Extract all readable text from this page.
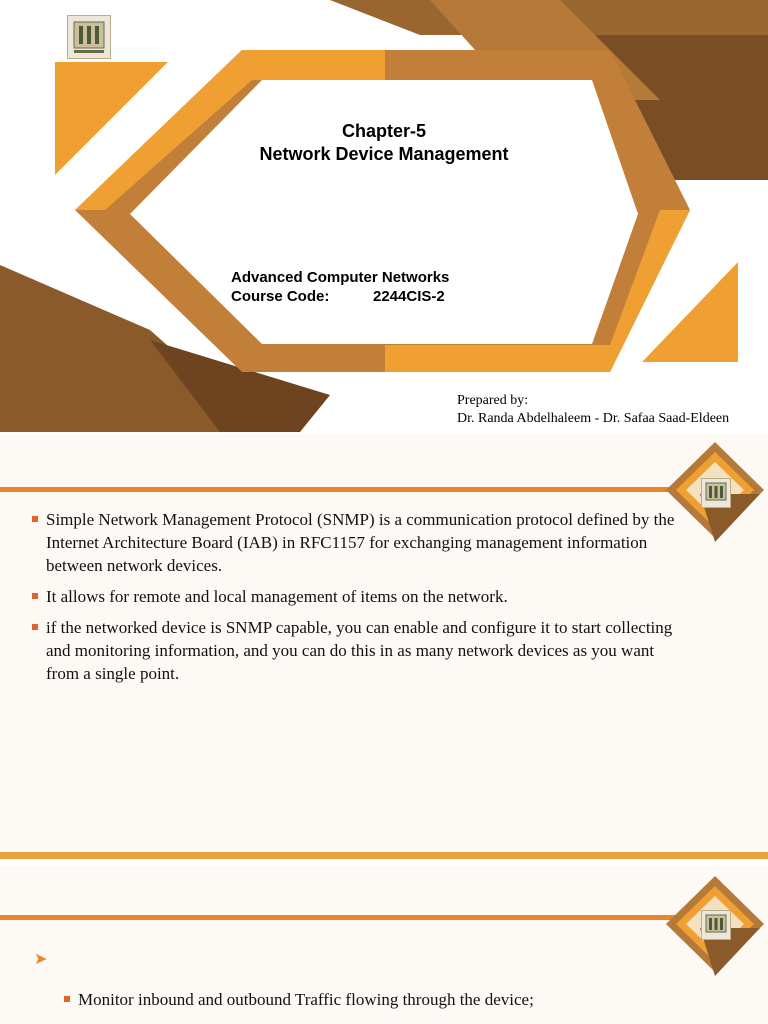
Chapter-5
Network Device Management
Advanced Computer Networks
Course Code:	2244CIS-2
Prepared by:
Dr. Randa Abdelhaleem - Dr. Safaa Saad-Eldeen
Simple Network Management Protocol (SNMP) is a communication protocol defined by the Internet Architecture Board (IAB) in RFC1157 for exchanging management information between network devices.
It allows for remote and local management of items on the network.
if the networked device is SNMP capable, you can enable and configure it to start collecting and monitoring information, and you can do this in as many network devices as you want from a single point.
➤
Monitor inbound and outbound Traffic flowing through the device;
